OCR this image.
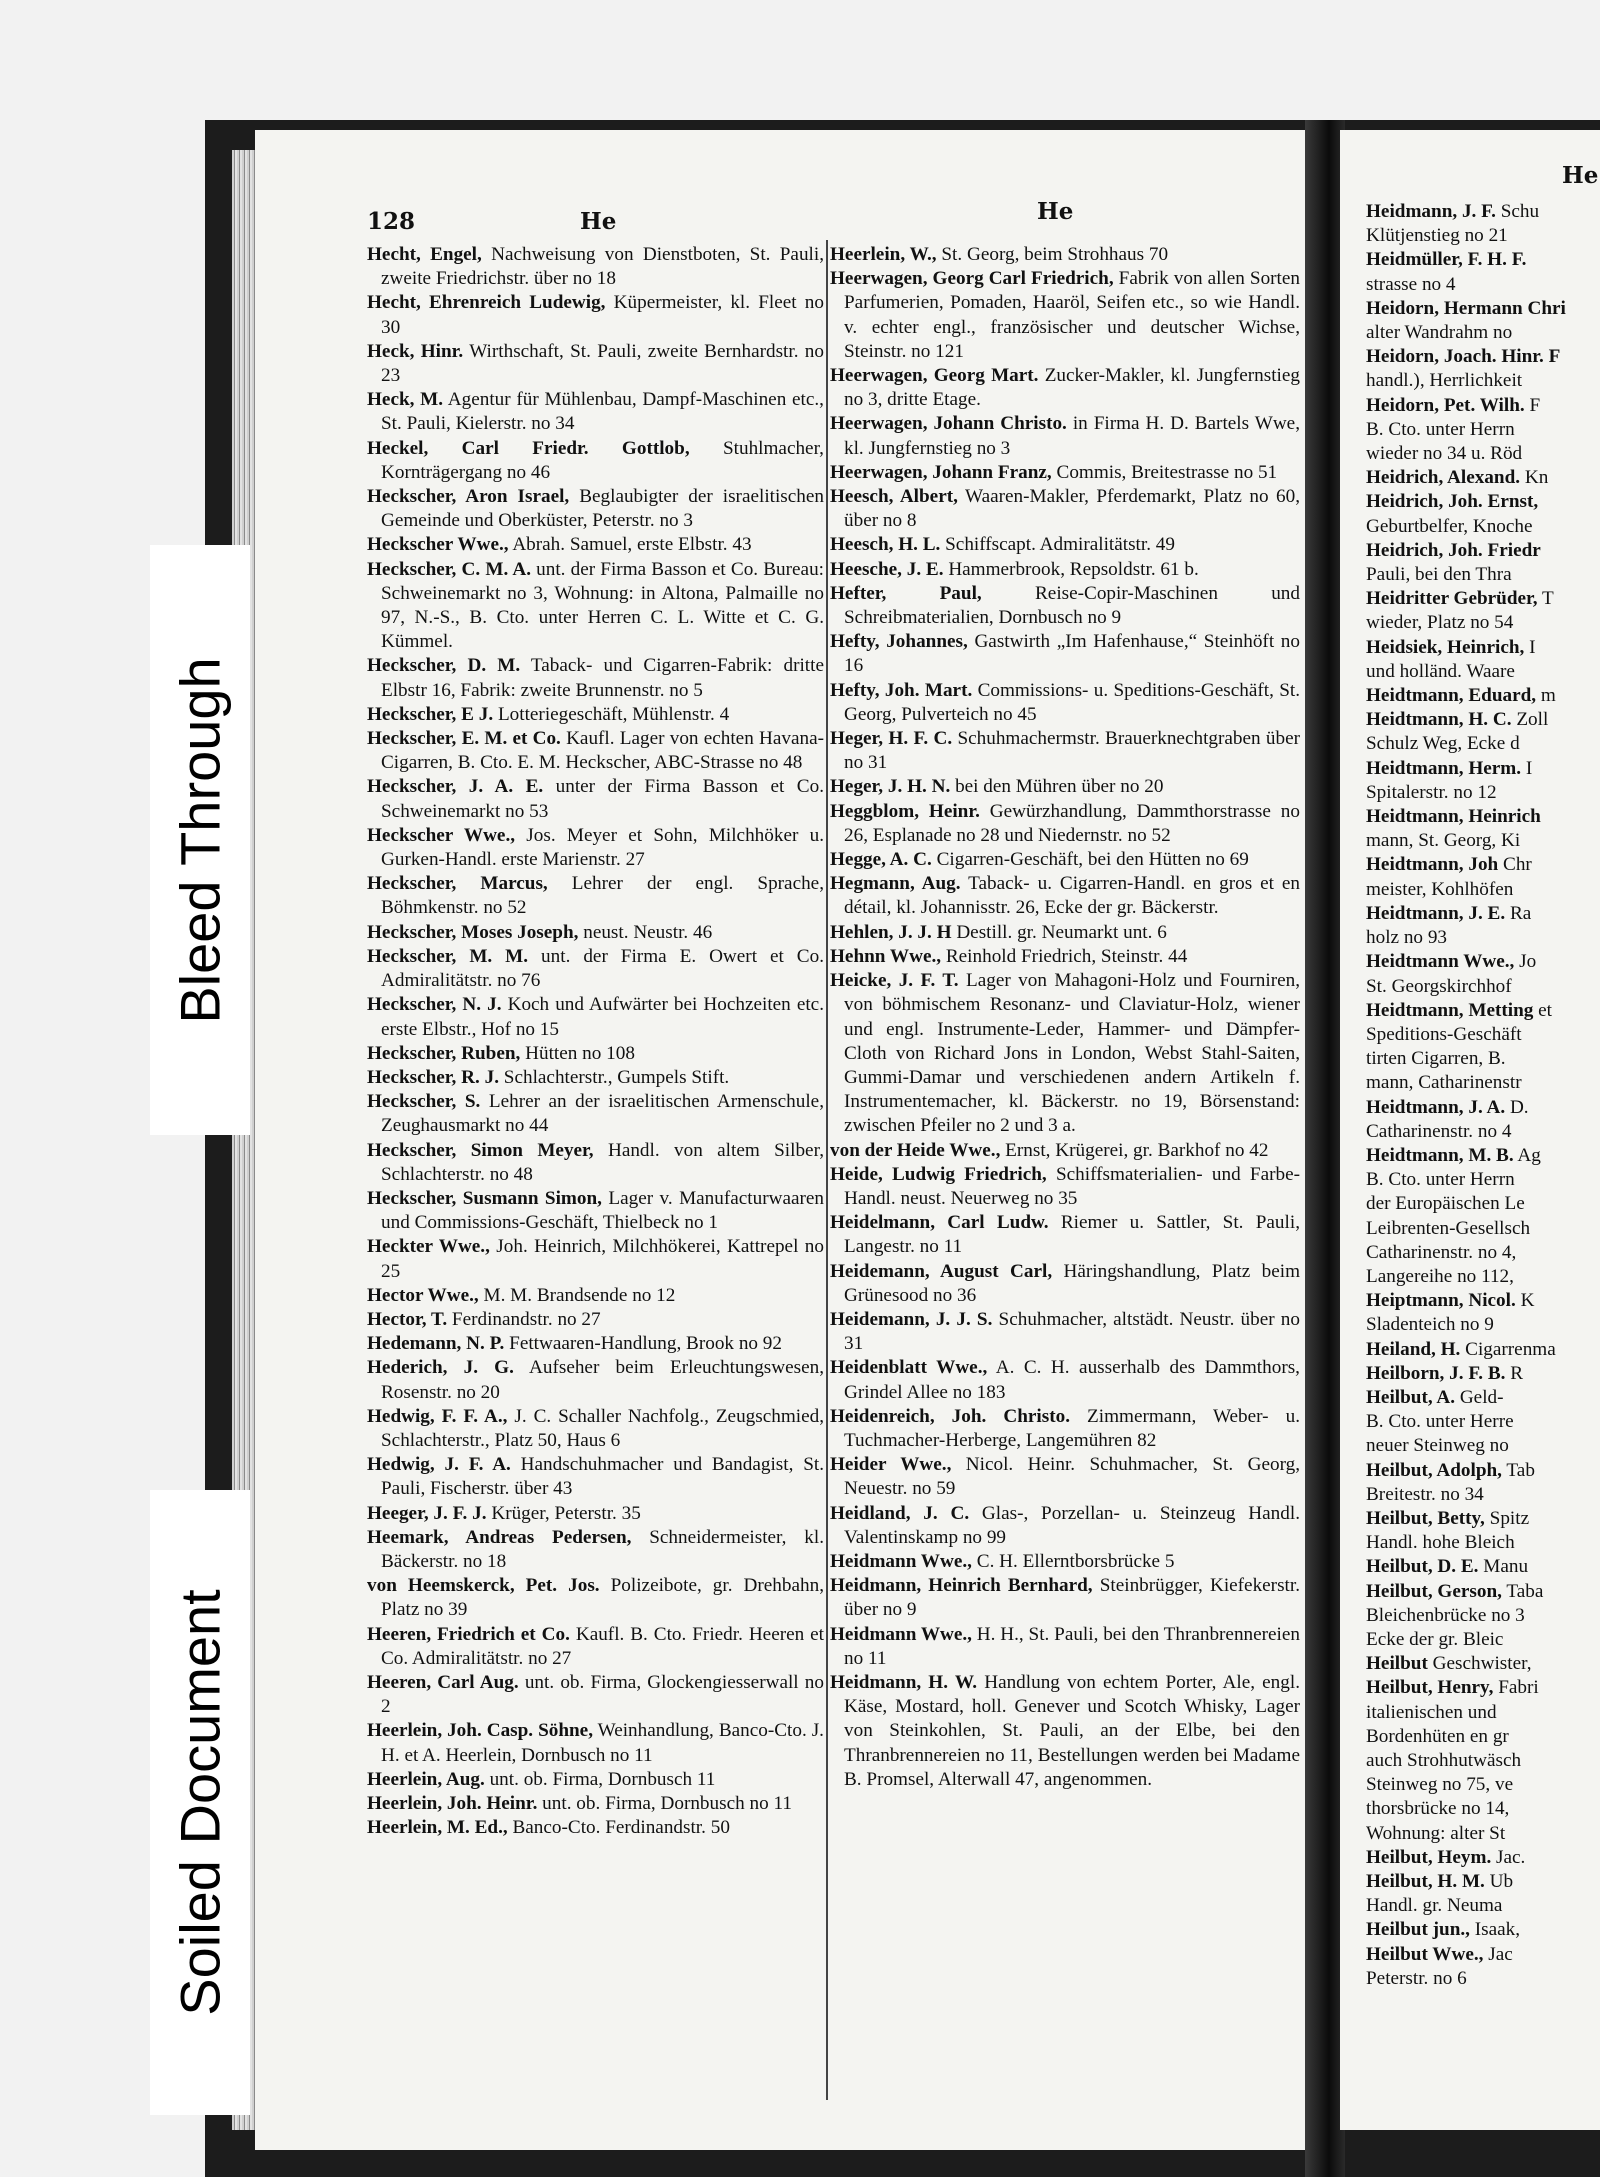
128	He	He
Hecht, Engel, Nachweisung von Dienstboten, St. Pauli, zweite Friedrichstr. über no 18
Hecht, Ehrenreich Ludewig, Küpermeister, kl. Fleet no 30
Heck, Hinr. Wirthschaft, St. Pauli, zweite Bernhardstr. no 23
Heck, M. Agentur für Mühlenbau, Dampf-Maschinen etc., St. Pauli, Kielerstr. no 34
Heckel, Carl Friedr. Gottlob, Stuhlmacher, Kornträgergang no 46
Heckscher, Aron Israel, Beglaubigter der israelitischen Gemeinde und Oberküster, Peterstr. no 3
Heckscher Wwe., Abrah. Samuel, erste Elbstr. 43
Heckscher, C. M. A. unt. der Firma Basson et Co. Bureau: Schweinemarkt no 3, Wohnung: in Altona, Palmaille no 97, N.-S., B. Cto. unter Herren C. L. Witte et C. G. Kümmel.
Heckscher, D. M. Taback- und Cigarren-Fabrik: dritte Elbstr 16, Fabrik: zweite Brunnenstr. no 5
Heckscher, E J. Lotteriegeschäft, Mühlenstr. 4
Heckscher, E. M. et Co. Kaufl. Lager von echten Havana-Cigarren, B. Cto. E. M. Heckscher, ABC-Strasse no 48
Heckscher, J. A. E. unter der Firma Basson et Co. Schweinemarkt no 53
Heckscher Wwe., Jos. Meyer et Sohn, Milchhöker u. Gurken-Handl. erste Marienstr. 27
Heckscher, Marcus, Lehrer der engl. Sprache, Böhmkenstr. no 52
Heckscher, Moses Joseph, neust. Neustr. 46
Heckscher, M. M. unt. der Firma E. Owert et Co. Admiralitätstr. no 76
Heckscher, N. J. Koch und Aufwärter bei Hochzeiten etc. erste Elbstr., Hof no 15
Heckscher, Ruben, Hütten no 108
Heckscher, R. J. Schlachterstr., Gumpels Stift.
Heckscher, S. Lehrer an der israelitischen Armenschule, Zeughausmarkt no 44
Heckscher, Simon Meyer, Handl. von altem Silber, Schlachterstr. no 48
Heckscher, Susmann Simon, Lager v. Manufacturwaaren und Commissions-Geschäft, Thielbeck no 1
Heckter Wwe., Joh. Heinrich, Milchhökerei, Kattrepel no 25
Hector Wwe., M. M. Brandsende no 12
Hector, T. Ferdinandstr. no 27
Hedemann, N. P. Fettwaaren-Handlung, Brook no 92
Hederich, J. G. Aufseher beim Erleuchtungswesen, Rosenstr. no 20
Hedwig, F. F. A., J. C. Schaller Nachfolg., Zeugschmied, Schlachterstr., Platz 50, Haus 6
Hedwig, J. F. A. Handschuhmacher und Bandagist, St. Pauli, Fischerstr. über 43
Heeger, J. F. J. Krüger, Peterstr. 35
Heemark, Andreas Pedersen, Schneidermeister, kl. Bäckerstr. no 18
von Heemskerck, Pet. Jos. Polizeibote, gr. Drehbahn, Platz no 39
Heeren, Friedrich et Co. Kaufl. B. Cto. Friedr. Heeren et Co. Admiralitätstr. no 27
Heeren, Carl Aug. unt. ob. Firma, Glockengiesserwall no 2
Heerlein, Joh. Casp. Söhne, Weinhandlung, Banco-Cto. J. H. et A. Heerlein, Dornbusch no 11
Heerlein, Aug. unt. ob. Firma, Dornbusch 11
Heerlein, Joh. Heinr. unt. ob. Firma, Dornbusch no 11
Heerlein, M. Ed., Banco-Cto. Ferdinandstr. 50
Heerlein, W., St. Georg, beim Strohhaus 70
Heerwagen, Georg Carl Friedrich, Fabrik von allen Sorten Parfumerien, Pomaden, Haaröl, Seifen etc., so wie Handl. v. echter engl., französischer und deutscher Wichse, Steinstr. no 121
Heerwagen, Georg Mart. Zucker-Makler, kl. Jungfernstieg no 3, dritte Etage.
Heerwagen, Johann Christo. in Firma H. D. Bartels Wwe, kl. Jungfernstieg no 3
Heerwagen, Johann Franz, Commis, Breitestrasse no 51
Heesch, Albert, Waaren-Makler, Pferdemarkt, Platz no 60, über no 8
Heesch, H. L. Schiffscapt. Admiralitätstr. 49
Heesche, J. E. Hammerbrook, Repsoldstr. 61 b.
Hefter, Paul, Reise-Copir-Maschinen und Schreibmaterialien, Dornbusch no 9
Hefty, Johannes, Gastwirth „Im Hafenhause,“ Steinhöft no 16
Hefty, Joh. Mart. Commissions- u. Speditions-Geschäft, St. Georg, Pulverteich no 45
Heger, H. F. C. Schuhmachermstr. Brauerknechtgraben über no 31
Heger, J. H. N. bei den Mühren über no 20
Heggblom, Heinr. Gewürzhandlung, Dammthorstrasse no 26, Esplanade no 28 und Niedernstr. no 52
Hegge, A. C. Cigarren-Geschäft, bei den Hütten no 69
Hegmann, Aug. Taback- u. Cigarren-Handl. en gros et en détail, kl. Johannisstr. 26, Ecke der gr. Bäckerstr.
Hehlen, J. J. H Destill. gr. Neumarkt unt. 6
Hehnn Wwe., Reinhold Friedrich, Steinstr. 44
Heicke, J. F. T. Lager von Mahagoni-Holz und Fourniren, von böhmischem Resonanz- und Claviatur-Holz, wiener und engl. Instrumente-Leder, Hammer- und Dämpfer-Cloth von Richard Jons in London, Webst Stahl-Saiten, Gummi-Damar und verschiedenen andern Artikeln f. Instrumentemacher, kl. Bäckerstr. no 19, Börsenstand: zwischen Pfeiler no 2 und 3 a.
von der Heide Wwe., Ernst, Krügerei, gr. Barkhof no 42
Heide, Ludwig Friedrich, Schiffsmaterialien- und Farbe-Handl. neust. Neuerweg no 35
Heidelmann, Carl Ludw. Riemer u. Sattler, St. Pauli, Langestr. no 11
Heidemann, August Carl, Häringshandlung, Platz beim Grünesood no 36
Heidemann, J. J. S. Schuhmacher, altstädt. Neustr. über no 31
Heidenblatt Wwe., A. C. H. ausserhalb des Dammthors, Grindel Allee no 183
Heidenreich, Joh. Christo. Zimmermann, Weber- u. Tuchmacher-Herberge, Langemühren 82
Heider Wwe., Nicol. Heinr. Schuhmacher, St. Georg, Neuestr. no 59
Heidland, J. C. Glas-, Porzellan- u. Steinzeug Handl. Valentinskamp no 99
Heidmann Wwe., C. H. Ellerntborsbrücke 5
Heidmann, Heinrich Bernhard, Steinbrügger, Kiefekerstr. über no 9
Heidmann Wwe., H. H., St. Pauli, bei den Thranbrennereien no 11
Heidmann, H. W. Handlung von echtem Porter, Ale, engl. Käse, Mostard, holl. Genever und Scotch Whisky, Lager von Steinkohlen, St. Pauli, an der Elbe, bei den Thranbrennereien no 11, Bestellungen werden bei Madame B. Promsel, Alterwall 47, angenommen.
He
Heidmann, J. F. Schu
Klütjenstieg no 21
Heidmüller, F. H. F.
strasse no 4
Heidorn, Hermann Chri
alter Wandrahm no
Heidorn, Joach. Hinr. F
handl.), Herrlichkeit
Heidorn, Pet. Wilh. F
B. Cto. unter Herrn
wieder no 34 u. Röd
Heidrich, Alexand. Kn
Heidrich, Joh. Ernst,
Geburtbelfer, Knoche
Heidrich, Joh. Friedr
Pauli, bei den Thra
Heidritter Gebrüder, T
wieder, Platz no 54
Heidsiek, Heinrich, I
und holländ. Waare
Heidtmann, Eduard, m
Heidtmann, H. C. Zoll
Schulz Weg, Ecke d
Heidtmann, Herm. I
Spitalerstr. no 12
Heidtmann, Heinrich
mann, St. Georg, Ki
Heidtmann, Joh Chr
meister, Kohlhöfen
Heidtmann, J. E. Ra
holz no 93
Heidtmann Wwe., Jo
St. Georgskirchhof
Heidtmann, Metting et
Speditions-Geschäft
tirten Cigarren, B.
mann, Catharinenstr
Heidtmann, J. A. D.
Catharinenstr. no 4
Heidtmann, M. B. Ag
B. Cto. unter Herrn
der Europäischen Le
Leibrenten-Gesellsch
Catharinenstr. no 4,
Langereihe no 112,
Heiptmann, Nicol. K
Sladenteich no 9
Heiland, H. Cigarrenma
Heilborn, J. F. B. R
Heilbut, A. Geld-
B. Cto. unter Herre
neuer Steinweg no
Heilbut, Adolph, Tab
Breitestr. no 34
Heilbut, Betty, Spitz
Handl. hohe Bleich
Heilbut, D. E. Manu
Heilbut, Gerson, Taba
Bleichenbrücke no 3
Ecke der gr. Bleic
Heilbut Geschwister,
Heilbut, Henry, Fabri
italienischen und
Bordenhüten en gr
auch Strohhutwäsch
Steinweg no 75, ve
thorsbrücke no 14,
Wohnung: alter St
Heilbut, Heym. Jac.
Heilbut, H. M. Ub
Handl. gr. Neuma
Heilbut jun., Isaak,
Heilbut Wwe., Jac
Peterstr. no 6
Bleed Through
Soiled Document
